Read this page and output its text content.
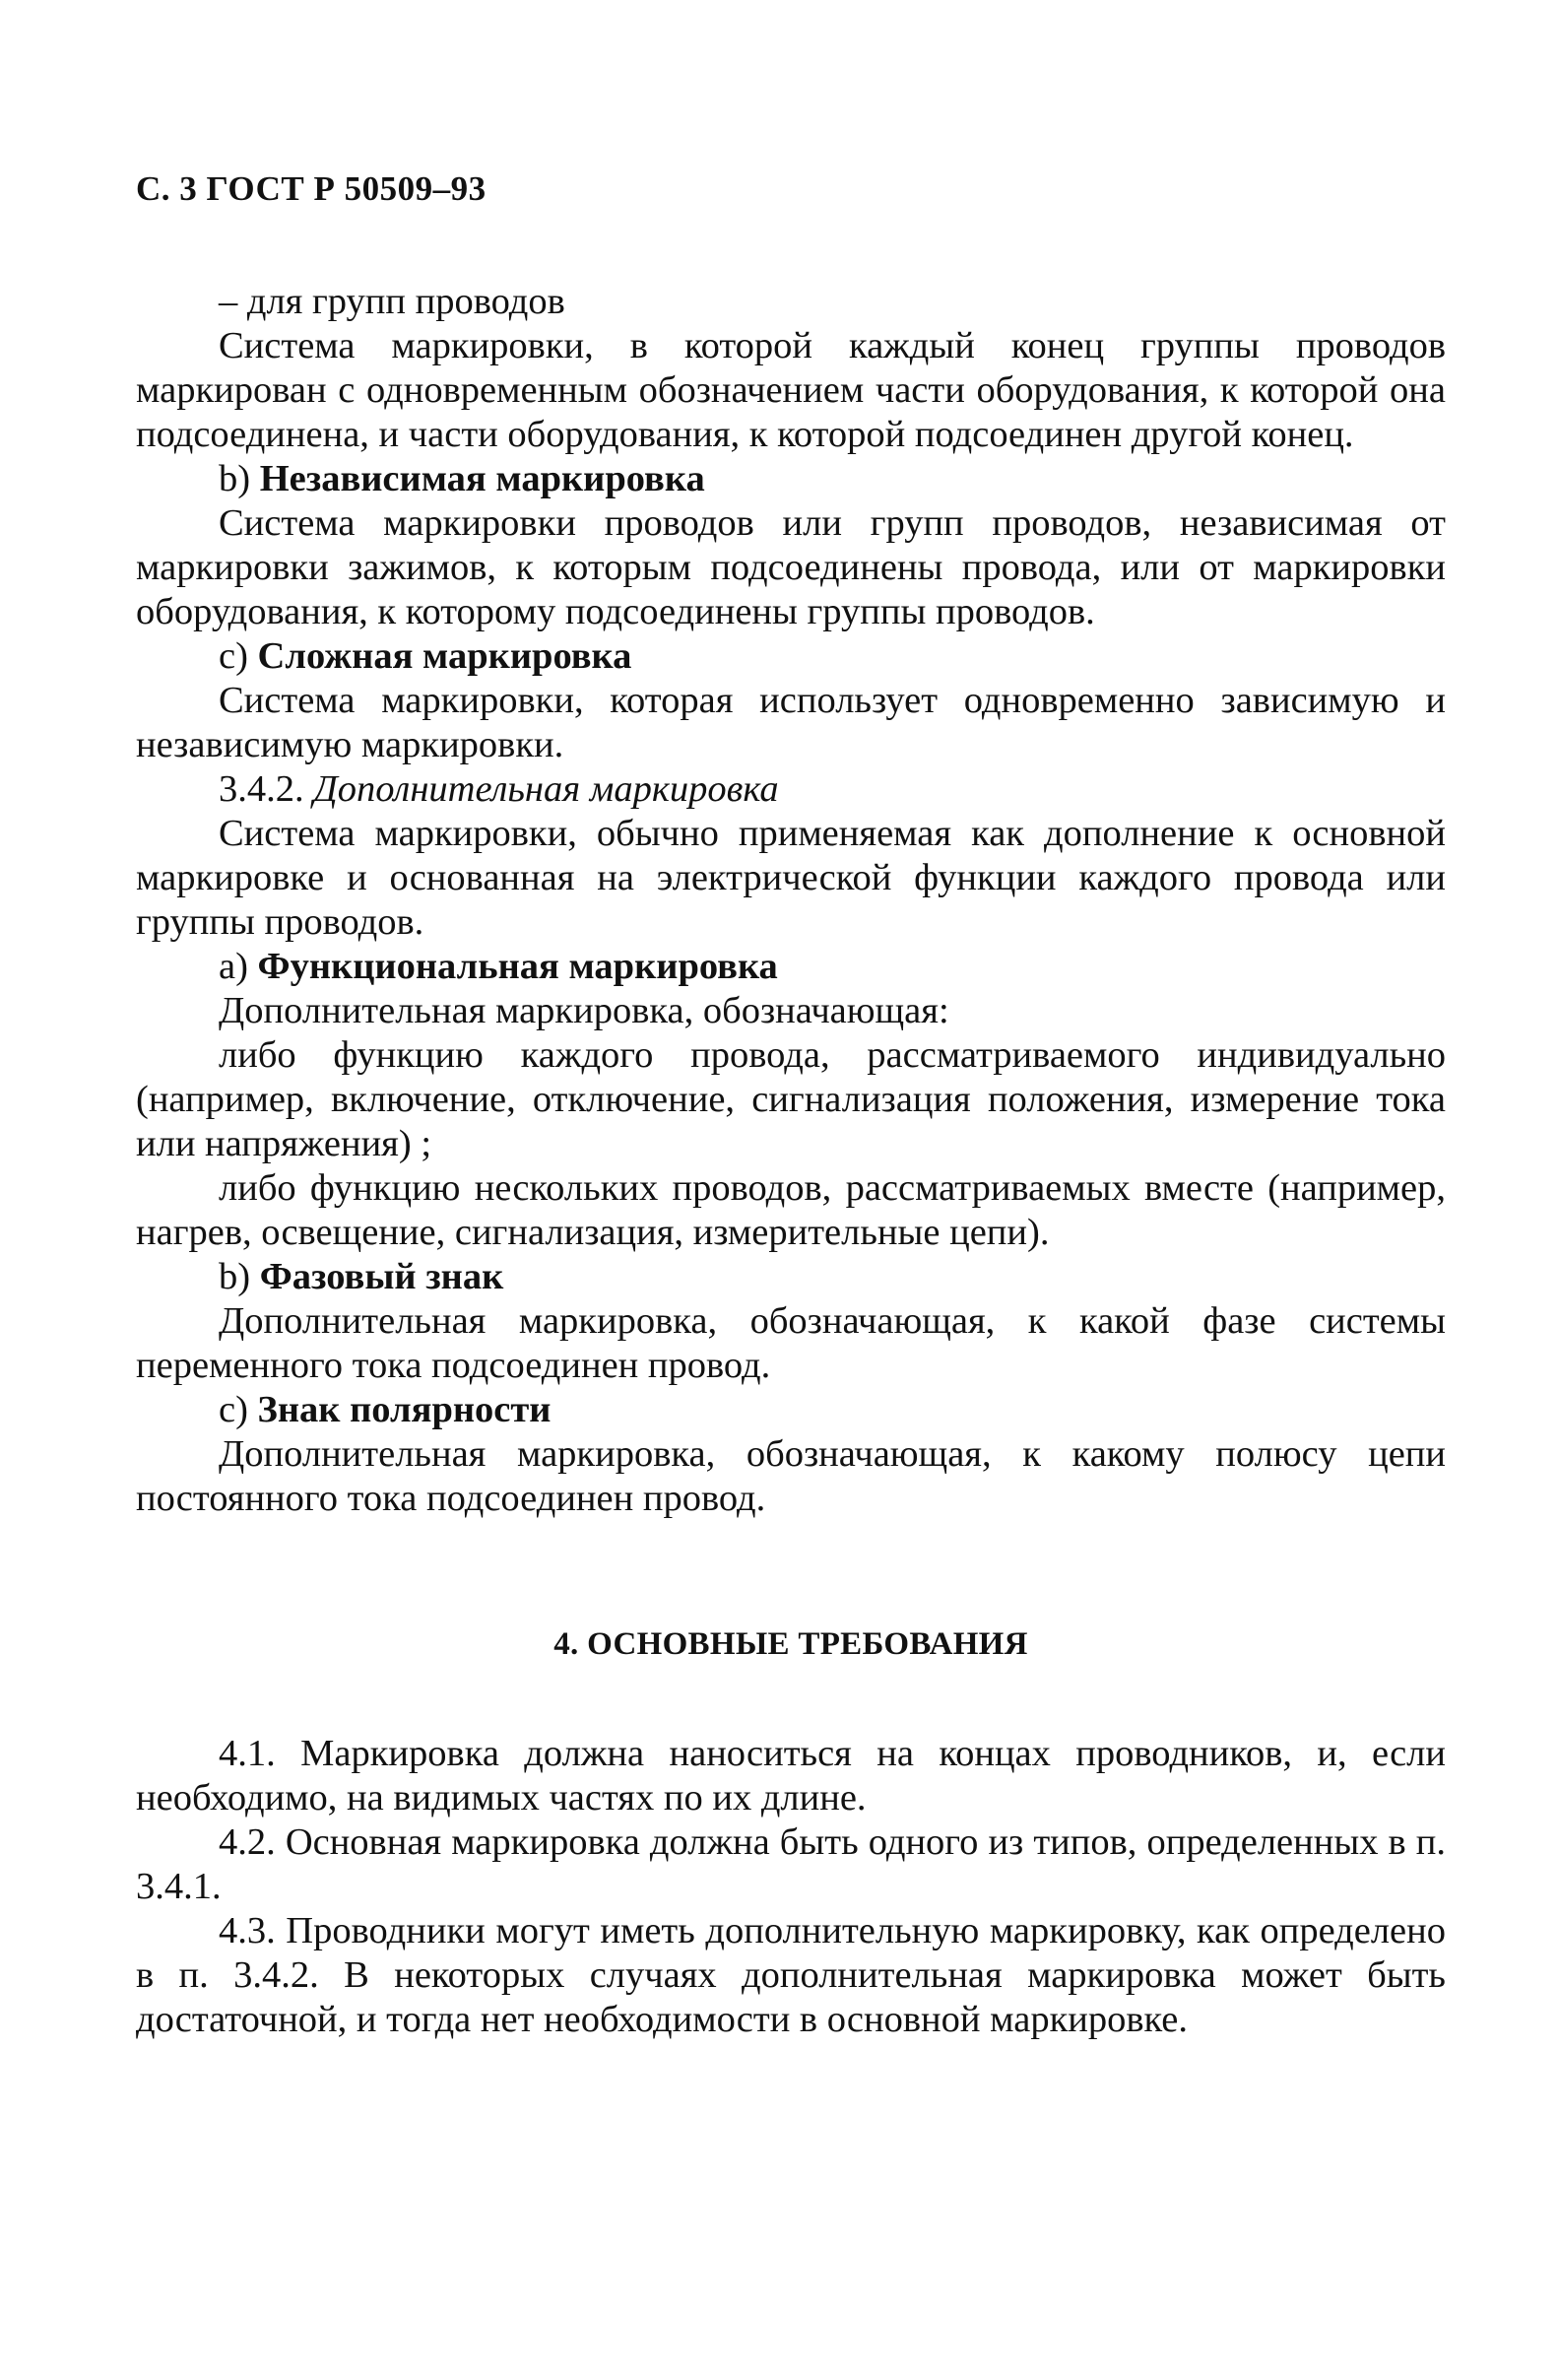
С. 3 ГОСТ Р 50509–93

– для групп проводов

Система маркировки, в которой каждый конец группы проводов маркирован с одновременным обозначением части оборудования, к которой она подсоединена, и части оборудования, к которой подсоединен другой конец.

b) Независимая маркировка

Система маркировки проводов или групп проводов, независимая от маркировки зажимов, к которым подсоединены провода, или от маркировки оборудования, к которому подсоединены группы проводов.

с) Сложная маркировка

Система маркировки, которая использует одновременно зависимую и независимую маркировки.

3.4.2. Дополнительная маркировка

Система маркировки, обычно применяемая как дополнение к основной маркировке и основанная на электрической функции каждого провода или группы проводов.

а) Функциональная маркировка

Дополнительная маркировка, обозначающая:

либо функцию каждого провода, рассматриваемого индивидуально (например, включение, отключение, сигнализация положения, измерение тока или напряжения) ;

либо функцию нескольких проводов, рассматриваемых вместе (например, нагрев, освещение, сигнализация, измерительные цепи).

b) Фазовый знак

Дополнительная маркировка, обозначающая, к какой фазе системы переменного тока подсоединен провод.

с) Знак полярности

Дополнительная маркировка, обозначающая, к какому полюсу цепи постоянного тока подсоединен провод.

4. ОСНОВНЫЕ ТРЕБОВАНИЯ

4.1. Маркировка должна наноситься на концах проводников, и, если необходимо, на видимых частях по их длине.

4.2. Основная маркировка должна быть одного из типов, определенных в п. 3.4.1.

4.3. Проводники могут иметь дополнительную маркировку, как определено в п. 3.4.2. В некоторых случаях дополнительная маркировка может быть достаточной, и тогда нет необходимости в основной маркировке.
